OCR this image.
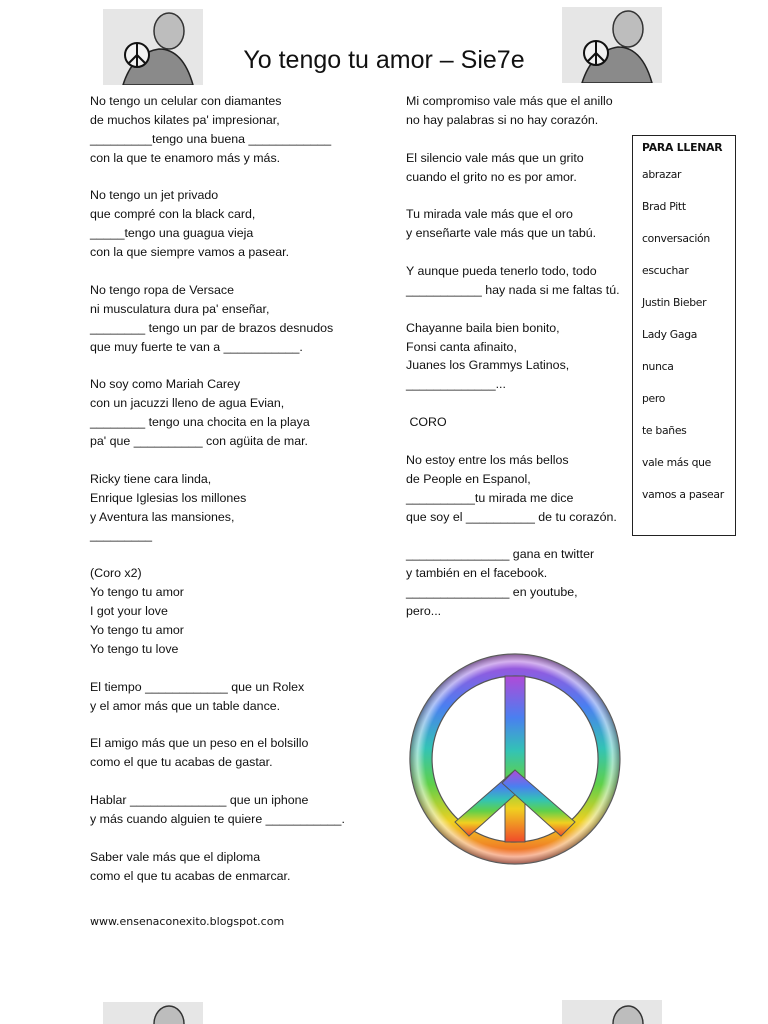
Yo tengo tu amor – Sie7e
No tengo un celular con diamantes
de muchos kilates pa' impresionar,
_________tengo una buena ____________
con la que te enamoro más y más.
No tengo un jet privado
que compré con la black card,
_____tengo una guagua vieja
con la que siempre vamos a pasear.
No tengo ropa de Versace
ni musculatura dura pa' enseñar,
________ tengo un par de brazos desnudos
que muy fuerte te van a ___________.
No soy como Mariah Carey
con un jacuzzi lleno de agua Evian,
________ tengo una chocita en la playa
pa' que __________ con agüita de mar.
Ricky tiene cara linda,
Enrique Iglesias los millones
y Aventura las mansiones,
_________
(Coro x2)
Yo tengo tu amor
I got your love
Yo tengo tu amor
Yo tengo tu love
El tiempo ____________ que un Rolex
y el amor más que un table dance.
El amigo más que un peso en el bolsillo
como el que tu acabas de gastar.
Hablar ______________ que un iphone
y más cuando alguien te quiere ___________.
Saber vale más que el diploma
como el que tu acabas de enmarcar.
Mi compromiso vale más que el anillo
no hay palabras si no hay corazón.
El silencio vale más que un grito
cuando el grito no es por amor.
Tu mirada vale más que el oro
y enseñarte vale más que un tabú.
Y aunque pueda tenerlo todo, todo
___________ hay nada si me faltas tú.
Chayanne baila bien bonito,
Fonsi canta afinaito,
Juanes los Grammys Latinos,
_____________...
CORO
No estoy entre los más bellos
de People en Espanol,
__________tu mirada me dice
que soy el __________ de tu corazón.
_______________ gana en twitter
y también en el facebook.
_______________ en youtube,
pero...
PARA LLENAR
abrazar
Brad Pitt
conversación
escuchar
Justin Bieber
Lady Gaga
nunca
pero
te bañes
vale más que
vamos a pasear
www.ensenaconexito.blogspot.com
